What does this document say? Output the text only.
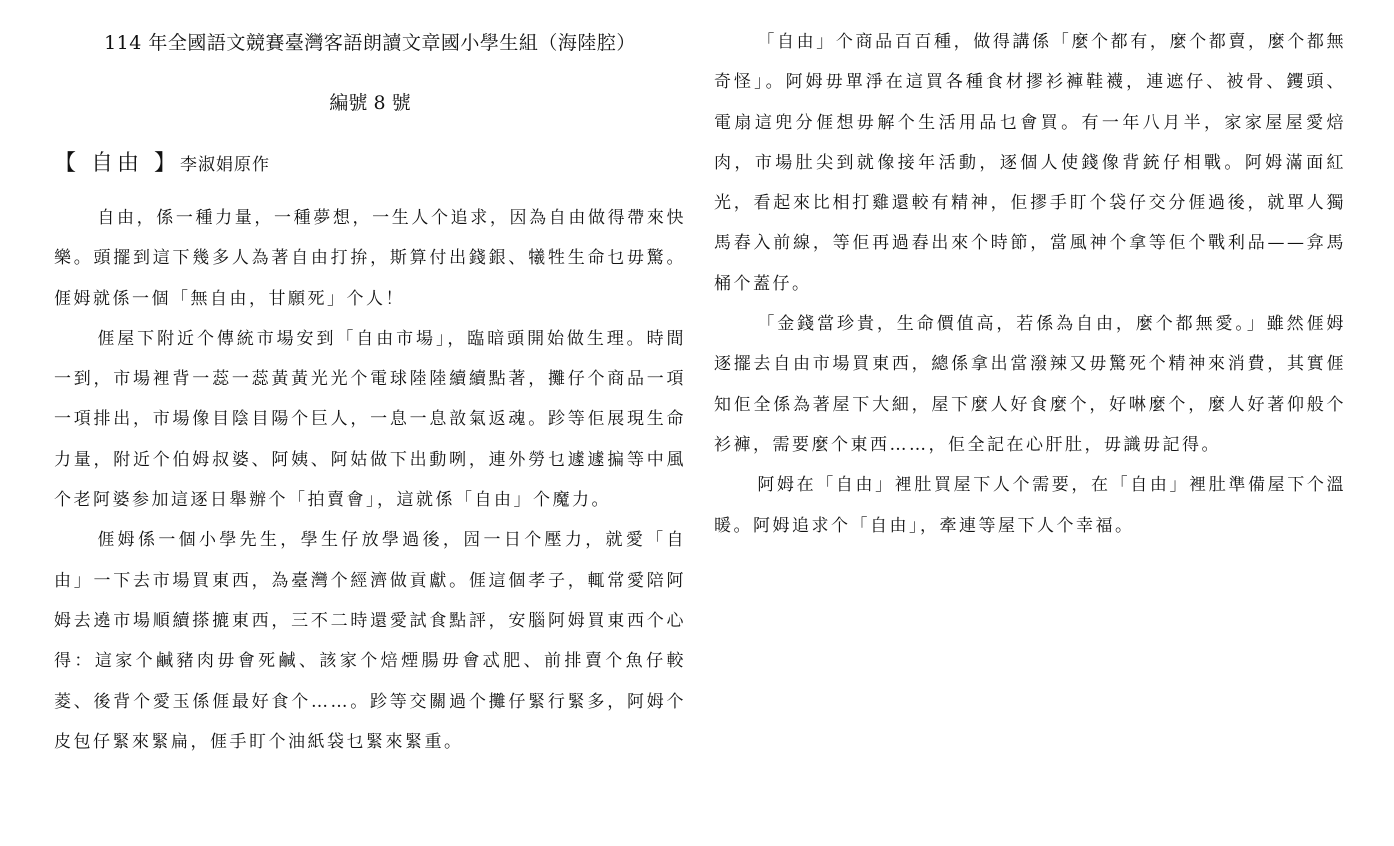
114 年全國語文競賽臺灣客語朗讀文章國小學生組（海陸腔）
編號 8 號
【 自由 】李淑娟原作

自由，係一種力量，一種夢想，一生人个追求，因為自由做得帶來快樂。頭擺到這下幾多人為著自由打拚，斯算付出錢銀、犧牲生命乜毋驚。𠊎姆就係一個「無自由，甘願死」个人！

𠊎屋下附近个傳統市場安到「自由市場」，臨暗頭開始做生理。時間一到，市場裡背一蕊一蕊黃黃光光个電球陸陸續續點著，攤仔个商品一項一項排出，市場像目陰目陽个巨人，一息一息敨氣返魂。跈等佢展現生命力量，附近个伯姆叔婆、阿姨、阿姑做下出動咧，連外勞乜遽遽揙等中風个老阿婆参加這逐日舉辦个「拍賣會」，這就係「自由」个魔力。

𠊎姆係一個小學先生，學生仔放學過後，囥一日个壓力，就愛「自由」一下去市場買東西，為臺灣个經濟做貢獻。𠊎這個孝子，輒常愛陪阿姆去遶市場順續搽摝東西，三不二時還愛試食點評，安腦阿姆買東西个心得：這家个鹹豬肉毋會死鹹、該家个焙煙腸毋會忒肥、前排賣个魚仔較菱、後背个愛玉係𠊎最好食个……。跈等交關過个攤仔緊行緊多，阿姆个皮包仔緊來緊扁，𠊎手盯个油紙袋乜緊來緊重。

「自由」个商品百百種，做得講係「麼个都有，麼个都賣，麼个都無奇怪」。阿姆毋單淨在這買各種食材摎衫褲鞋襪，連遮仔、被骨、钁頭、電扇這兜分𠊎想毋解个生活用品乜會買。有一年八月半，家家屋屋愛焙肉，市場肚尖到就像接年活動，逐個人使錢像背銃仔相戰。阿姆滿面紅光，看起來比相打雞還較有精神，佢摎手盯个袋仔交分𠊎過後，就單人獨馬舂入前線，等佢再過舂出來个時節，當風神个拿等佢个戰利品——弇馬桶个蓋仔。

「金錢當珍貴，生命價值高，若係為自由，麼个都無愛。」雖然𠊎姆逐擺去自由市場買東西，總係拿出當潑辣又毋驚死个精神來消費，其實𠊎知佢全係為著屋下大細，屋下麼人好食麼个，好啉麼个，麼人好著仰般个衫褲，需要麼个東西……，佢全記在心肝肚，毋識毋記得。

阿姆在「自由」裡肚買屋下人个需要，在「自由」裡肚準備屋下个溫暖。阿姆追求个「自由」，牽連等屋下人个幸福。
